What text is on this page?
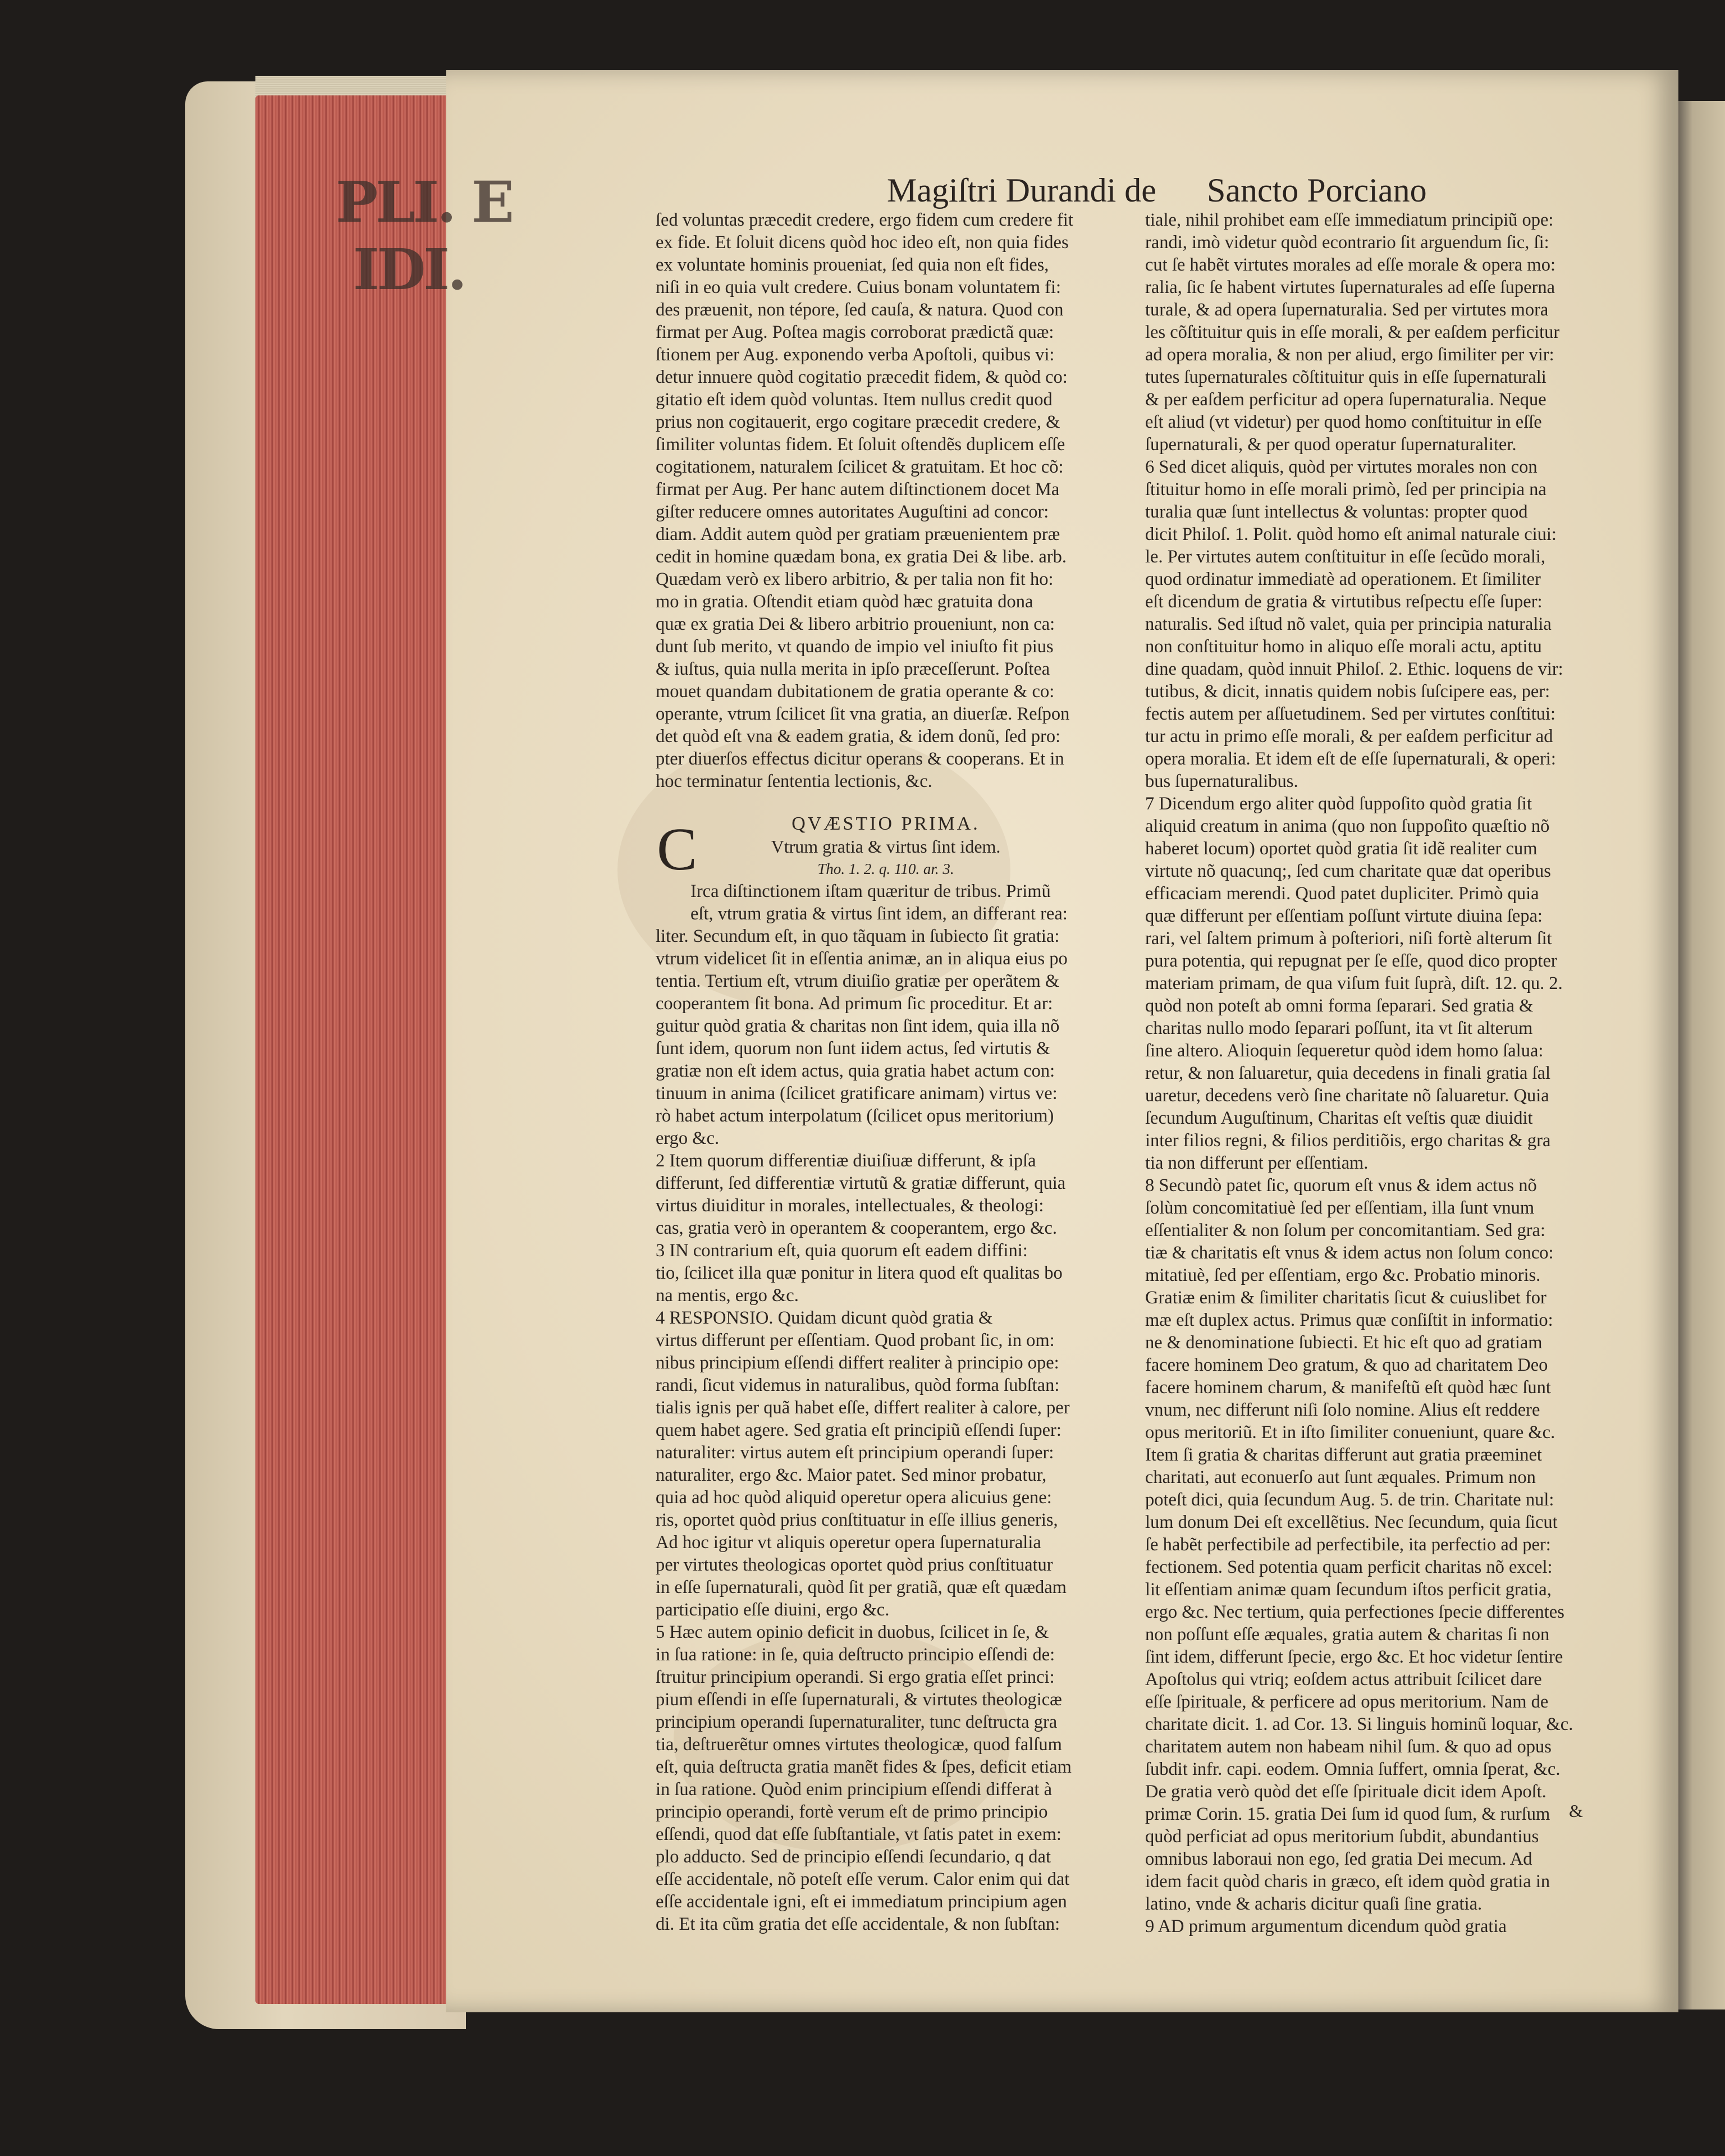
PLI.
IDI.
Magiſtri Durandi de Sancto Porciano
ſed voluntas præcedit credere, ergo fidem cum credere fit
ex fide. Et ſoluit dicens quòd hoc ideo eſt, non quia fides
ex voluntate hominis proueniat, ſed quia non eſt fides,
niſi in eo quia vult credere. Cuius bonam voluntatem fi:
des præuenit, non tépore, ſed cauſa, & natura. Quod con
firmat per Aug. Poſtea magis corroborat prædictã quæ:
ſtionem per Aug. exponendo verba Apoſtoli, quibus vi:
detur innuere quòd cogitatio præcedit fidem, & quòd co:
gitatio eſt idem quòd voluntas. Item nullus credit quod
prius non cogitauerit, ergo cogitare præcedit credere, &
ſimiliter voluntas fidem. Et ſoluit oſtendẽs duplicem eſſe
cogitationem, naturalem ſcilicet & gratuitam. Et hoc cõ:
firmat per Aug. Per hanc autem diſtinctionem docet Ma
giſter reducere omnes autoritates Auguſtini ad concor:
diam. Addit autem quòd per gratiam præuenientem præ
cedit in homine quædam bona, ex gratia Dei & libe. arb.
Quædam verò ex libero arbitrio, & per talia non fit ho:
mo in gratia. Oſtendit etiam quòd hæc gratuita dona
quæ ex gratia Dei & libero arbitrio proueniunt, non ca:
dunt ſub merito, vt quando de impio vel iniuſto fit pius
& iuſtus, quia nulla merita in ipſo præceſſerunt. Poſtea
mouet quandam dubitationem de gratia operante & co:
operante, vtrum ſcilicet ſit vna gratia, an diuerſæ. Reſpon
det quòd eſt vna & eadem gratia, & idem donũ, ſed pro:
pter diuerſos effectus dicitur operans & cooperans. Et in
hoc terminatur ſententia lectionis, &c.
QVÆSTIO PRIMA.
Vtrum gratia & virtus ſint idem.
Tho. 1. 2. q. 110. ar. 3.
Irca diſtinctionem iſtam quæritur de tribus. Primũ
eſt, vtrum gratia & virtus ſint idem, an differant rea:
liter. Secundum eſt, in quo tãquam in ſubiecto ſit gratia:
vtrum videlicet ſit in eſſentia animæ, an in aliqua eius po
tentia. Tertium eſt, vtrum diuiſio gratiæ per operãtem &
cooperantem ſit bona. Ad primum ſic proceditur. Et ar:
guitur quòd gratia & charitas non ſint idem, quia illa nõ
ſunt idem, quorum non ſunt iidem actus, ſed virtutis &
gratiæ non eſt idem actus, quia gratia habet actum con:
tinuum in anima (ſcilicet gratificare animam) virtus ve:
rò habet actum interpolatum (ſcilicet opus meritorium)
ergo &c.
2 Item quorum differentiæ diuiſiuæ differunt, & ipſa
differunt, ſed differentiæ virtutũ & gratiæ differunt, quia
virtus diuiditur in morales, intellectuales, & theologi:
cas, gratia verò in operantem & cooperantem, ergo &c.
3 IN contrarium eſt, quia quorum eſt eadem diffini:
tio, ſcilicet illa quæ ponitur in litera quod eſt qualitas bo
na mentis, ergo &c.
4 RESPONSIO. Quidam dicunt quòd gratia &
virtus differunt per eſſentiam. Quod probant ſic, in om:
nibus principium eſſendi differt realiter à principio ope:
randi, ſicut videmus in naturalibus, quòd forma ſubſtan:
tialis ignis per quã habet eſſe, differt realiter à calore, per
quem habet agere. Sed gratia eſt principiũ eſſendi ſuper:
naturaliter: virtus autem eſt principium operandi ſuper:
naturaliter, ergo &c. Maior patet. Sed minor probatur,
quia ad hoc quòd aliquid operetur opera alicuius gene:
ris, oportet quòd prius conſtituatur in eſſe illius generis,
Ad hoc igitur vt aliquis operetur opera ſupernaturalia
per virtutes theologicas oportet quòd prius conſtituatur
in eſſe ſupernaturali, quòd ſit per gratiã, quæ eſt quædam
participatio eſſe diuini, ergo &c.
5 Hæc autem opinio deficit in duobus, ſcilicet in ſe, &
in ſua ratione: in ſe, quia deſtructo principio eſſendi de:
ſtruitur principium operandi. Si ergo gratia eſſet princi:
pium eſſendi in eſſe ſupernaturali, & virtutes theologicæ
principium operandi ſupernaturaliter, tunc deſtructa gra
tia, deſtruerẽtur omnes virtutes theologicæ, quod falſum
eſt, quia deſtructa gratia manẽt fides & ſpes, deficit etiam
in ſua ratione. Quòd enim principium eſſendi differat à
principio operandi, fortè verum eſt de primo principio
eſſendi, quod dat eſſe ſubſtantiale, vt ſatis patet in exem:
plo adducto. Sed de principio eſſendi ſecundario, q dat
eſſe accidentale, nõ poteſt eſſe verum. Calor enim qui dat
eſſe accidentale igni, eſt ei immediatum principium agen
di. Et ita cũm gratia det eſſe accidentale, & non ſubſtan:
C
tiale, nihil prohibet eam eſſe immediatum principiũ ope:
randi, imò videtur quòd econtrario ſit arguendum ſic, ſi:
cut ſe habẽt virtutes morales ad eſſe morale & opera mo:
ralia, ſic ſe habent virtutes ſupernaturales ad eſſe ſuperna
turale, & ad opera ſupernaturalia. Sed per virtutes mora
les cõſtituitur quis in eſſe morali, & per eaſdem perficitur
ad opera moralia, & non per aliud, ergo ſimiliter per vir:
tutes ſupernaturales cõſtituitur quis in eſſe ſupernaturali
& per eaſdem perficitur ad opera ſupernaturalia. Neque
eſt aliud (vt videtur) per quod homo conſtituitur in eſſe
ſupernaturali, & per quod operatur ſupernaturaliter.
6 Sed dicet aliquis, quòd per virtutes morales non con
ſtituitur homo in eſſe morali primò, ſed per principia na
turalia quæ ſunt intellectus & voluntas: propter quod
dicit Philoſ. 1. Polit. quòd homo eſt animal naturale ciui:
le. Per virtutes autem conſtituitur in eſſe ſecũdo morali,
quod ordinatur immediatè ad operationem. Et ſimiliter
eſt dicendum de gratia & virtutibus reſpectu eſſe ſuper:
naturalis. Sed iſtud nõ valet, quia per principia naturalia
non conſtituitur homo in aliquo eſſe morali actu, aptitu
dine quadam, quòd innuit Philoſ. 2. Ethic. loquens de vir:
tutibus, & dicit, innatis quidem nobis ſuſcipere eas, per:
fectis autem per aſſuetudinem. Sed per virtutes conſtitui:
tur actu in primo eſſe morali, & per eaſdem perficitur ad
opera moralia. Et idem eſt de eſſe ſupernaturali, & operi:
bus ſupernaturalibus.
7 Dicendum ergo aliter quòd ſuppoſito quòd gratia ſit
aliquid creatum in anima (quo non ſuppoſito quæſtio nõ
haberet locum) oportet quòd gratia ſit idẽ realiter cum
virtute nõ quacunq;, ſed cum charitate quæ dat operibus
efficaciam merendi. Quod patet dupliciter. Primò quia
quæ differunt per eſſentiam poſſunt virtute diuina ſepa:
rari, vel ſaltem primum à poſteriori, niſi fortè alterum ſit
pura potentia, qui repugnat per ſe eſſe, quod dico propter
materiam primam, de qua viſum fuit ſuprà, diſt. 12. qu. 2.
quòd non poteſt ab omni forma ſeparari. Sed gratia &
charitas nullo modo ſeparari poſſunt, ita vt ſit alterum
ſine altero. Alioquin ſequeretur quòd idem homo ſalua:
retur, & non ſaluaretur, quia decedens in finali gratia ſal
uaretur, decedens verò ſine charitate nõ ſaluaretur. Quia
ſecundum Auguſtinum, Charitas eſt veſtis quæ diuidit
inter filios regni, & filios perditiõis, ergo charitas & gra
tia non differunt per eſſentiam.
8 Secundò patet ſic, quorum eſt vnus & idem actus nõ
ſolùm concomitatiuè ſed per eſſentiam, illa ſunt vnum
eſſentialiter & non ſolum per concomitantiam. Sed gra:
tiæ & charitatis eſt vnus & idem actus non ſolum conco:
mitatiuè, ſed per eſſentiam, ergo &c. Probatio minoris.
Gratiæ enim & ſimiliter charitatis ſicut & cuiuslibet for
mæ eſt duplex actus. Primus quæ conſiſtit in informatio:
ne & denominatione ſubiecti. Et hic eſt quo ad gratiam
facere hominem Deo gratum, & quo ad charitatem Deo
facere hominem charum, & manifeſtũ eſt quòd hæc ſunt
vnum, nec differunt niſi ſolo nomine. Alius eſt reddere
opus meritoriũ. Et in iſto ſimiliter conueniunt, quare &c.
Item ſi gratia & charitas differunt aut gratia præeminet
charitati, aut econuerſo aut ſunt æquales. Primum non
poteſt dici, quia ſecundum Aug. 5. de trin. Charitate nul:
lum donum Dei eſt excellẽtius. Nec ſecundum, quia ſicut
ſe habẽt perfectibile ad perfectibile, ita perfectio ad per:
fectionem. Sed potentia quam perficit charitas nõ excel:
lit eſſentiam animæ quam ſecundum iſtos perficit gratia,
ergo &c. Nec tertium, quia perfectiones ſpecie differentes
non poſſunt eſſe æquales, gratia autem & charitas ſi non
ſint idem, differunt ſpecie, ergo &c. Et hoc videtur ſentire
Apoſtolus qui vtriq; eoſdem actus attribuit ſcilicet dare
eſſe ſpirituale, & perficere ad opus meritorium. Nam de
charitate dicit. 1. ad Cor. 13. Si linguis hominũ loquar, &c.
charitatem autem non habeam nihil ſum. & quo ad opus
ſubdit infr. capi. eodem. Omnia ſuffert, omnia ſperat, &c.
De gratia verò quòd det eſſe ſpirituale dicit idem Apoſt.
primæ Corin. 15. gratia Dei ſum id quod ſum, & rurſum
quòd perficiat ad opus meritorium ſubdit, abundantius
omnibus laboraui non ego, ſed gratia Dei mecum. Ad
idem facit quòd charis in græco, eſt idem quòd gratia in
latino, vnde & acharis dicitur quaſi ſine gratia.
9 AD primum argumentum dicendum quòd gratia
&
